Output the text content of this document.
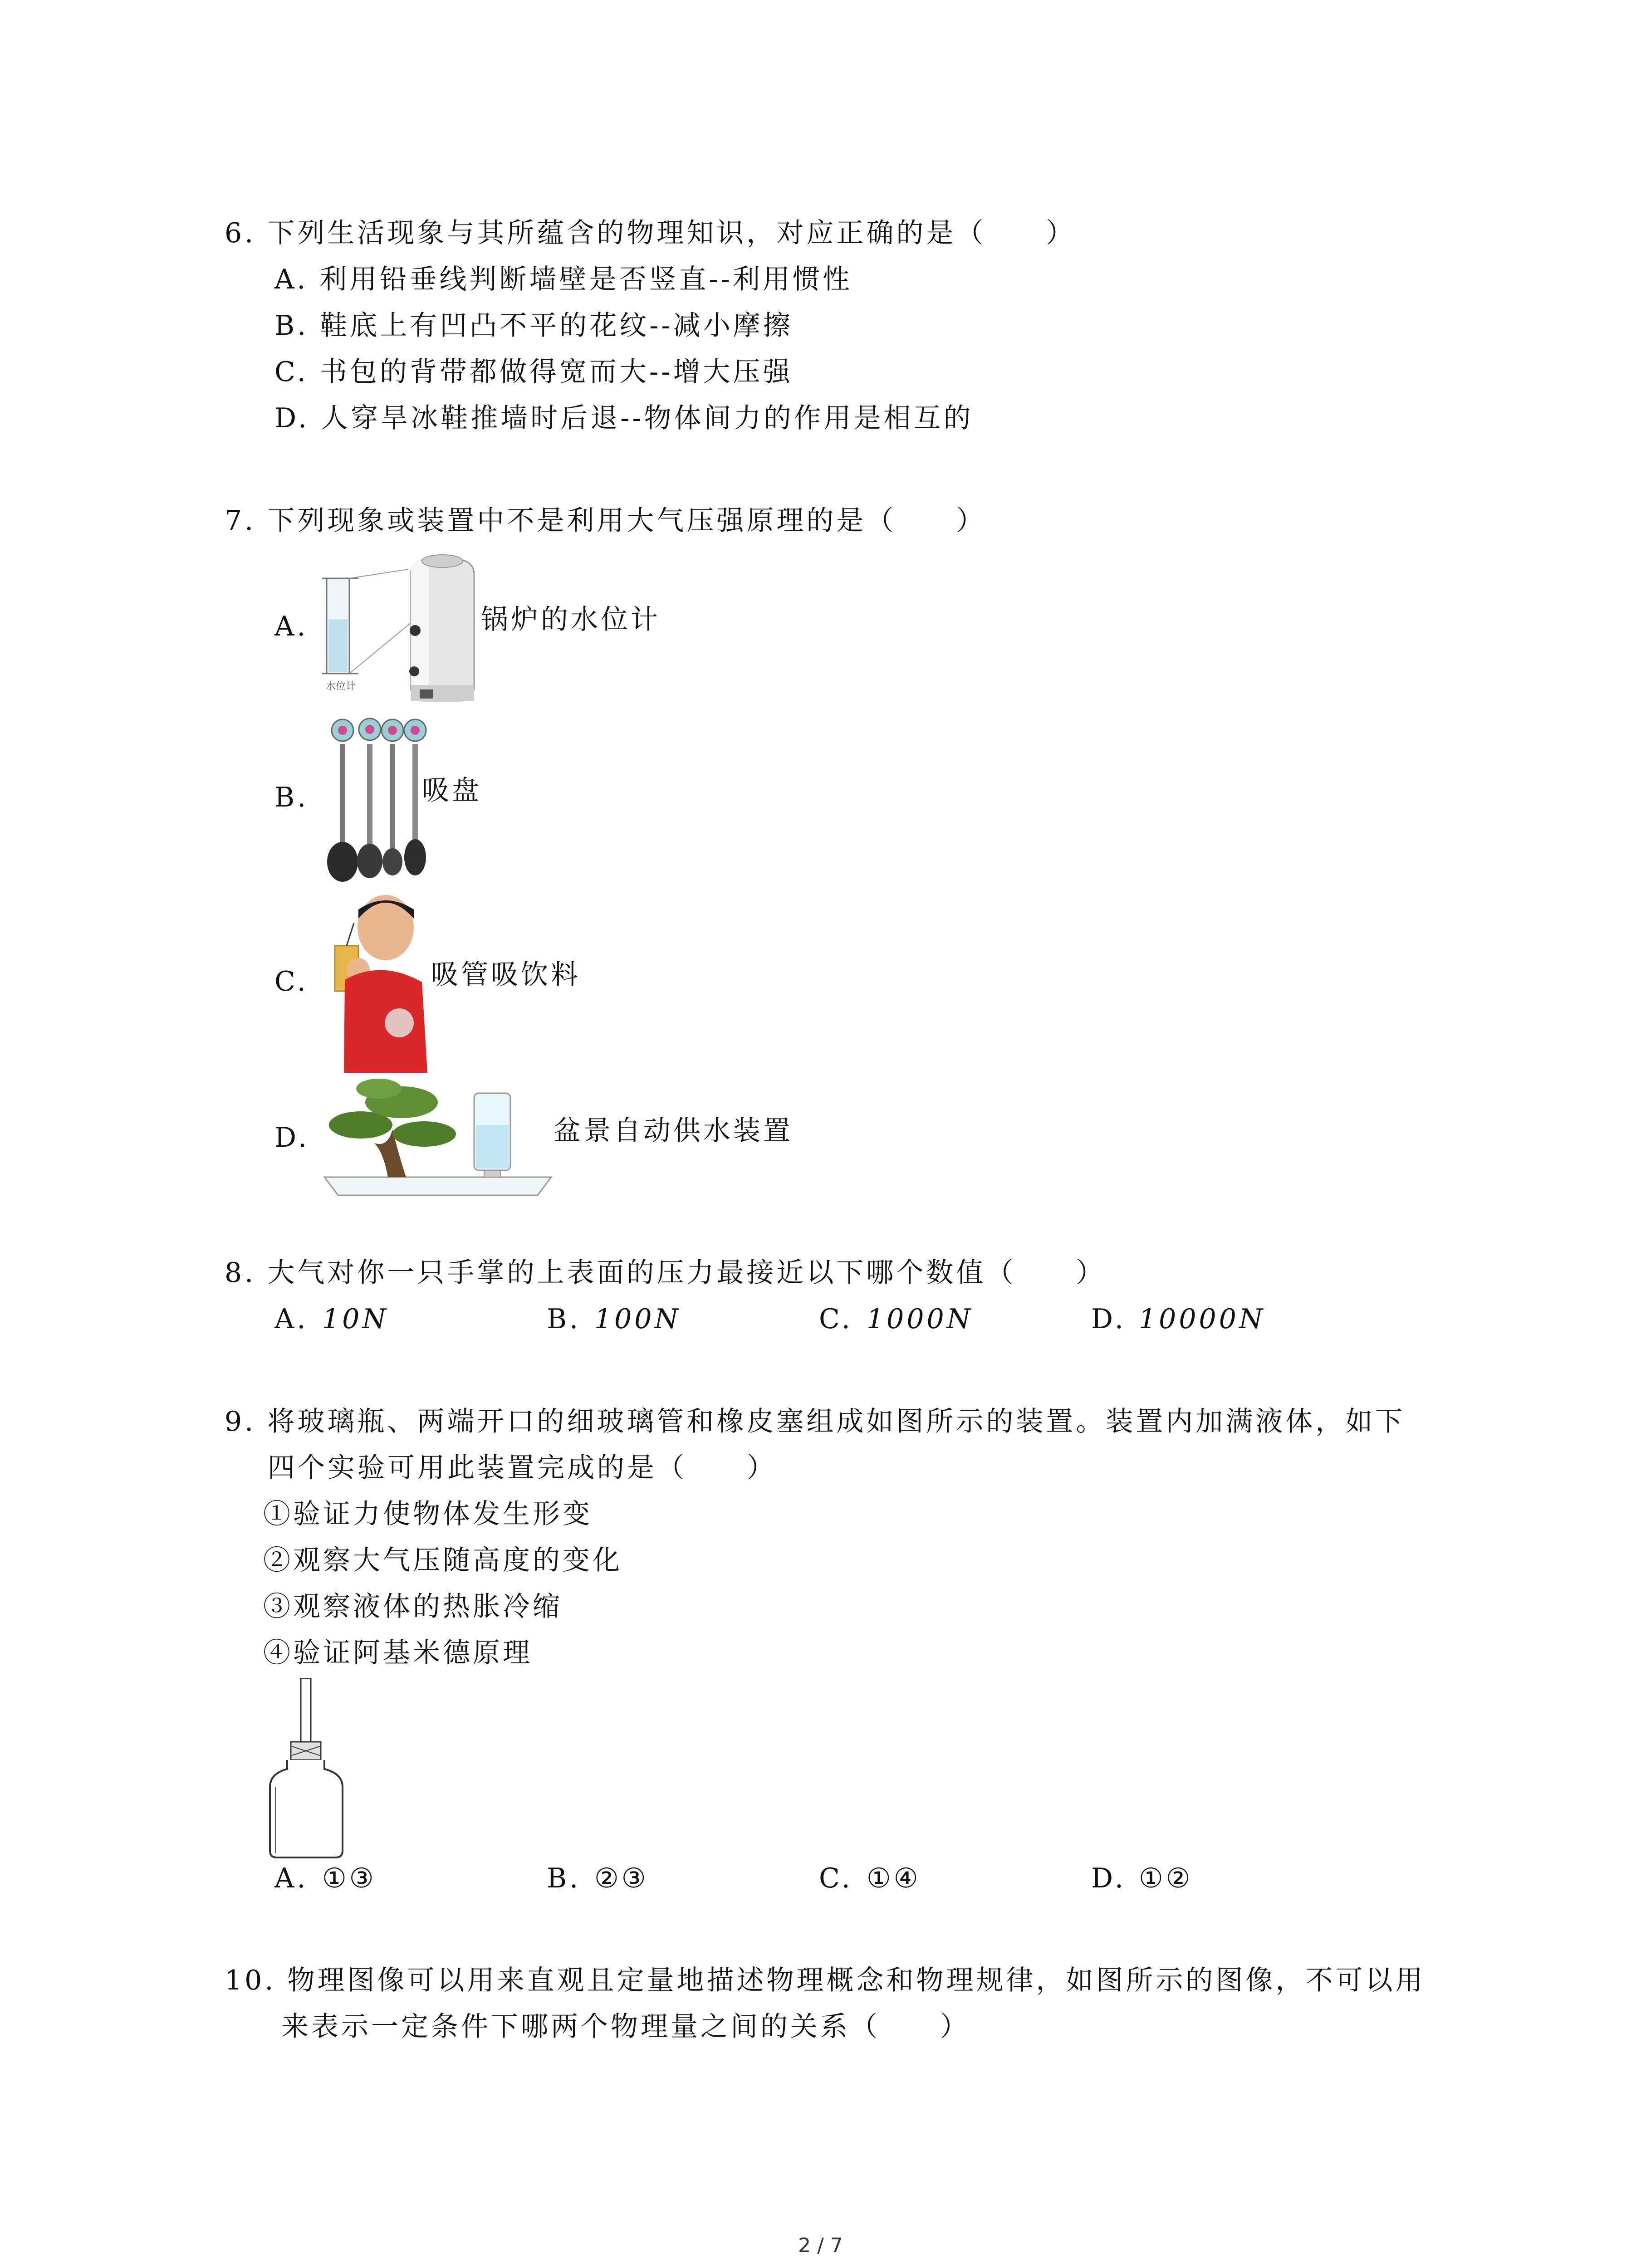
6. 下列生活现象与其所蕴含的物理知识，对应正确的是（　　）
A. 利用铅垂线判断墙壁是否竖直--利用惯性
B. 鞋底上有凹凸不平的花纹--减小摩擦
C. 书包的背带都做得宽而大--增大压强
D. 人穿旱冰鞋推墙时后退--物体间力的作用是相互的
7. 下列现象或装置中不是利用大气压强原理的是（　　）
A.
水位计
锅炉的水位计
B.	吸盘
C.	吸管吸饮料
D.	盆景自动供水装置
8. 大气对你一只手掌的上表面的压力最接近以下哪个数值（　　）
A. 10N	B. 100N	C. 1000N	D. 10000N
9. 将玻璃瓶、两端开口的细玻璃管和橡皮塞组成如图所示的装置。装置内加满液体，如下
四个实验可用此装置完成的是（　　）
①验证力使物体发生形变
②观察大气压随高度的变化
③观察液体的热胀冷缩
④验证阿基米德原理
A. ①③	B. ②③	C. ①④	D. ①②
10. 物理图像可以用来直观且定量地描述物理概念和物理规律，如图所示的图像，不可以用
来表示一定条件下哪两个物理量之间的关系（　　）
2 / 7
